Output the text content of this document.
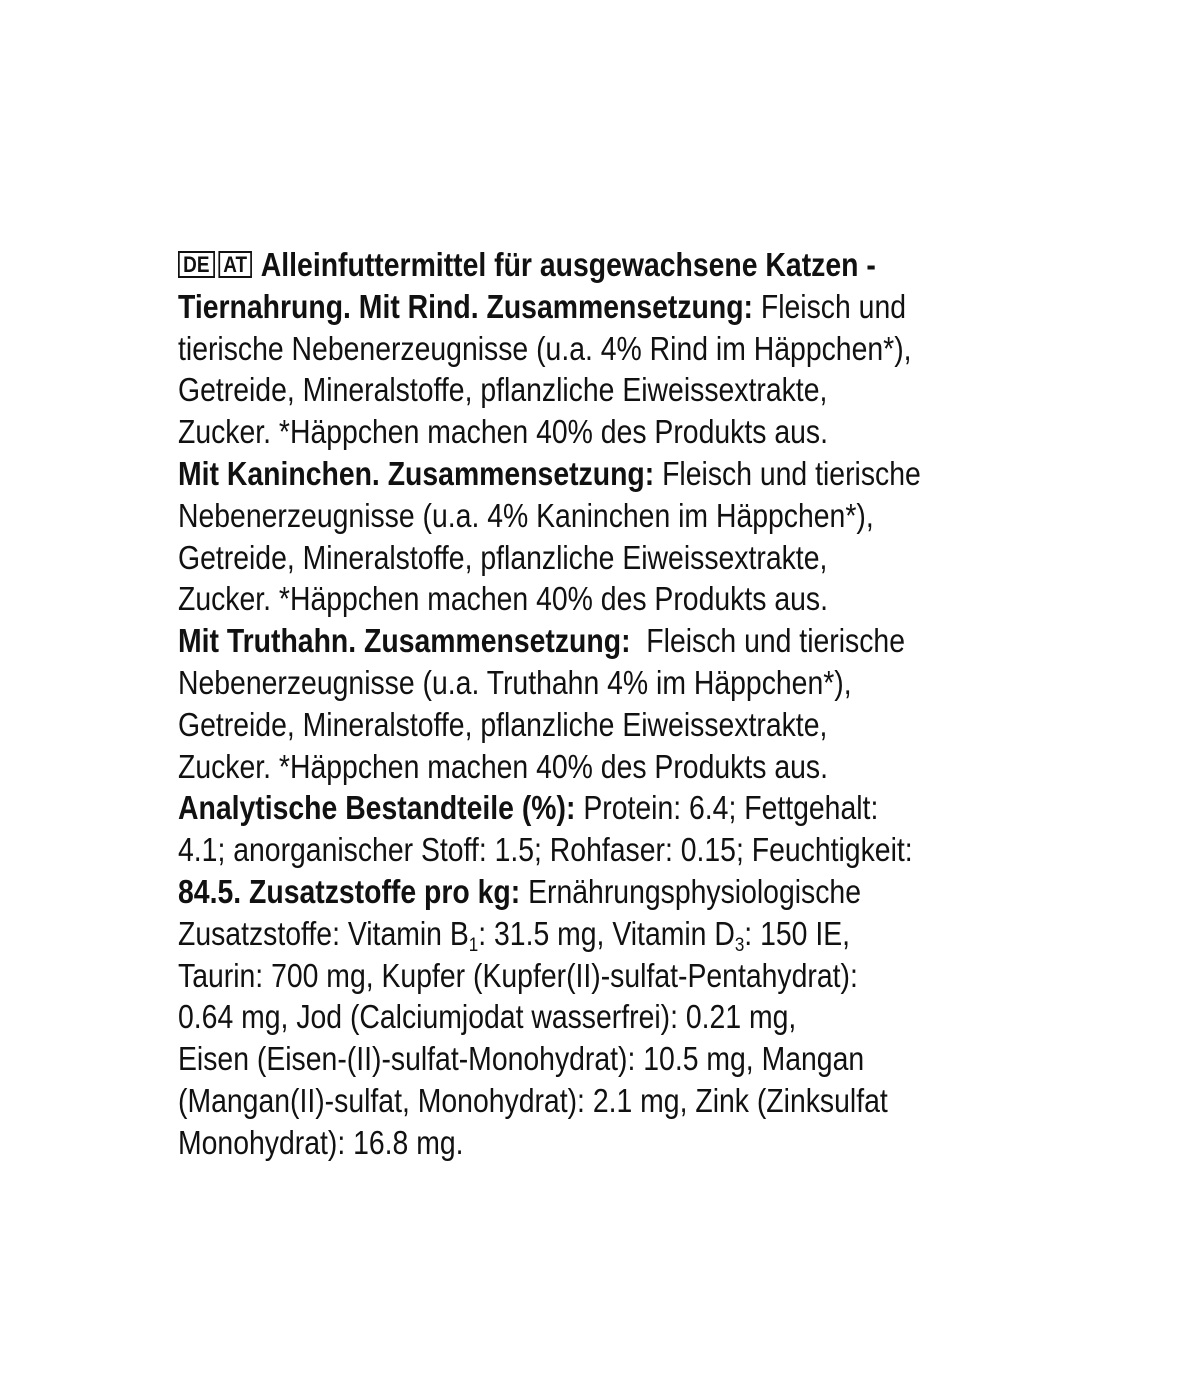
DE AT Alleinfuttermittel für ausgewachsene Katzen -
Tiernahrung. Mit Rind. Zusammensetzung: Fleisch und
tierische Nebenerzeugnisse (u.a. 4% Rind im Häppchen*),
Getreide, Mineralstoffe, pflanzliche Eiweissextrakte,
Zucker. *Häppchen machen 40% des Produkts aus.
Mit Kaninchen. Zusammensetzung: Fleisch und tierische
Nebenerzeugnisse (u.a. 4% Kaninchen im Häppchen*),
Getreide, Mineralstoffe, pflanzliche Eiweissextrakte,
Zucker. *Häppchen machen 40% des Produkts aus.
Mit Truthahn. Zusammensetzung: Fleisch und tierische
Nebenerzeugnisse (u.a. Truthahn 4% im Häppchen*),
Getreide, Mineralstoffe, pflanzliche Eiweissextrakte,
Zucker. *Häppchen machen 40% des Produkts aus.
Analytische Bestandteile (%): Protein: 6.4; Fettgehalt:
4.1; anorganischer Stoff: 1.5; Rohfaser: 0.15; Feuchtigkeit:
84.5. Zusatzstoffe pro kg: Ernährungsphysiologische
Zusatzstoffe: Vitamin $B_1$: 31.5 mg, Vitamin $D_3$: 150 IE,
Taurin: 700 mg, Kupfer (Kupfer(II)-sulfat-Pentahydrat):
0.64 mg, Jod (Calciumjodat wasserfrei): 0.21 mg,
Eisen (Eisen-(II)-sulfat-Monohydrat): 10.5 mg, Mangan
(Mangan(II)-sulfat, Monohydrat): 2.1 mg, Zink (Zinksulfat
Monohydrat): 16.8 mg.
